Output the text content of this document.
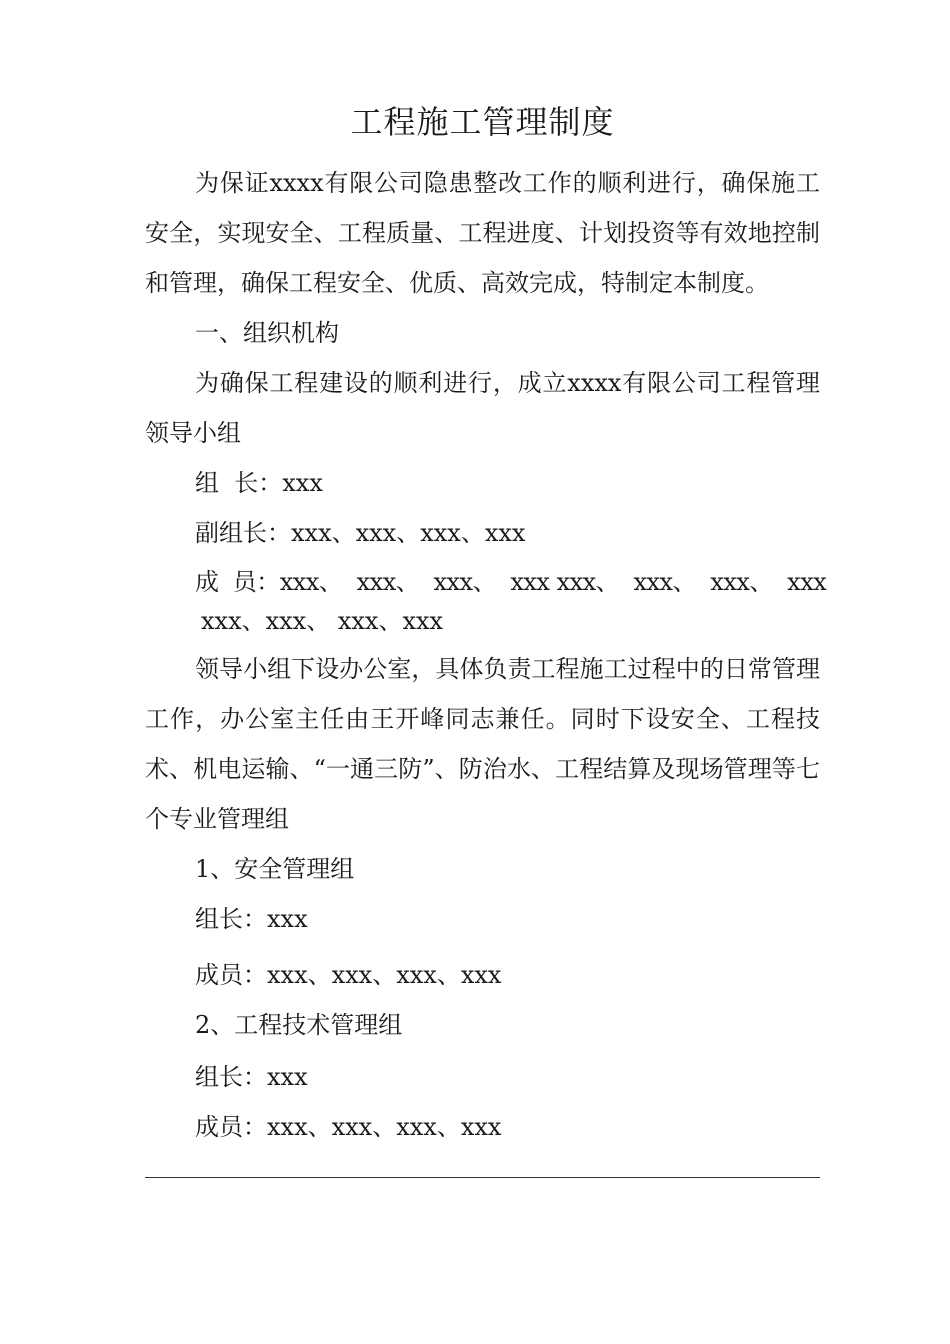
工程施工管理制度

为保证xxxx有限公司隐患整改工作的顺利进行，确保施工安全，实现安全、工程质量、工程进度、计划投资等有效地控制和管理，确保工程安全、优质、高效完成，特制定本制度。

一、组织机构

为确保工程建设的顺利进行，成立xxxx有限公司工程管理领导小组

组  长：xxx

副组长：xxx、xxx、xxx、xxx

成  员：xxx、  xxx、  xxx、  xxx xxx、  xxx、  xxx、  xxx
xxx、xxx、 xxx、xxx

领导小组下设办公室，具体负责工程施工过程中的日常管理工作，办公室主任由王开峰同志兼任。同时下设安全、工程技术、机电运输、“一通三防”、防治水、工程结算及现场管理等七个专业管理组

1、安全管理组

组长：xxx

成员：xxx、xxx、xxx、xxx

2、工程技术管理组

组长：xxx

成员：xxx、xxx、xxx、xxx
